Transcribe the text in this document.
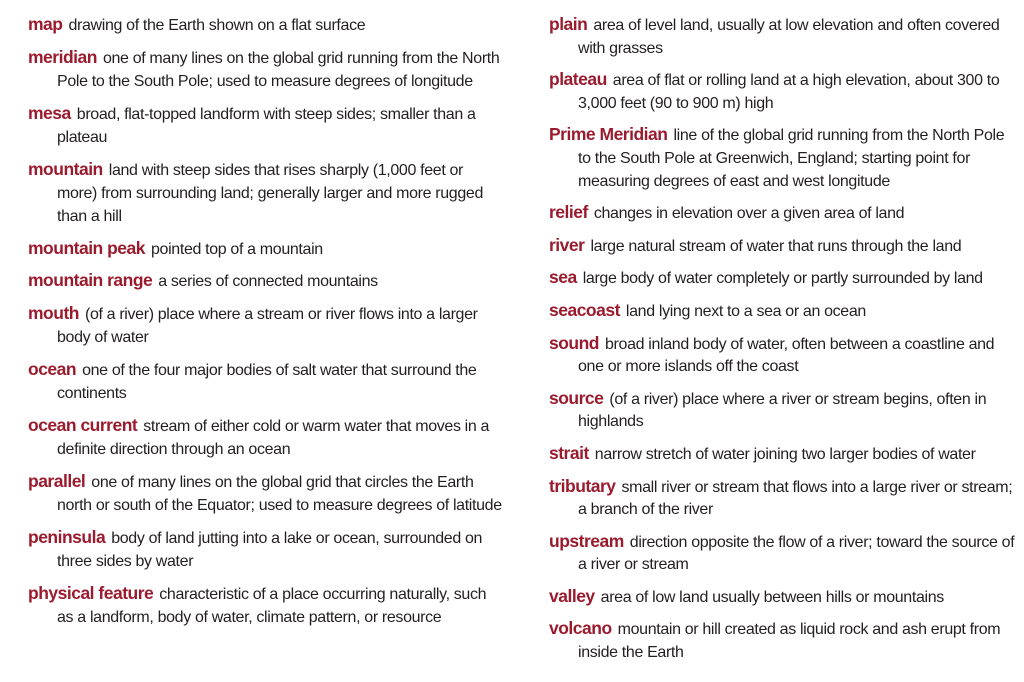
map drawing of the Earth shown on a flat surface
meridian one of many lines on the global grid running from the North Pole to the South Pole; used to measure degrees of longitude
mesa broad, flat-topped landform with steep sides; smaller than a plateau
mountain land with steep sides that rises sharply (1,000 feet or more) from surrounding land; generally larger and more rugged than a hill
mountain peak pointed top of a mountain
mountain range a series of connected mountains
mouth (of a river) place where a stream or river flows into a larger body of water
ocean one of the four major bodies of salt water that surround the continents
ocean current stream of either cold or warm water that moves in a definite direction through an ocean
parallel one of many lines on the global grid that circles the Earth north or south of the Equator; used to measure degrees of latitude
peninsula body of land jutting into a lake or ocean, surrounded on three sides by water
physical feature characteristic of a place occurring naturally, such as a landform, body of water, climate pattern, or resource
plain area of level land, usually at low elevation and often covered with grasses
plateau area of flat or rolling land at a high elevation, about 300 to 3,000 feet (90 to 900 m) high
Prime Meridian line of the global grid running from the North Pole to the South Pole at Greenwich, England; starting point for measuring degrees of east and west longitude
relief changes in elevation over a given area of land
river large natural stream of water that runs through the land
sea large body of water completely or partly surrounded by land
seacoast land lying next to a sea or an ocean
sound broad inland body of water, often between a coastline and one or more islands off the coast
source (of a river) place where a river or stream begins, often in highlands
strait narrow stretch of water joining two larger bodies of water
tributary small river or stream that flows into a large river or stream; a branch of the river
upstream direction opposite the flow of a river; toward the source of a river or stream
valley area of low land usually between hills or mountains
volcano mountain or hill created as liquid rock and ash erupt from inside the Earth
